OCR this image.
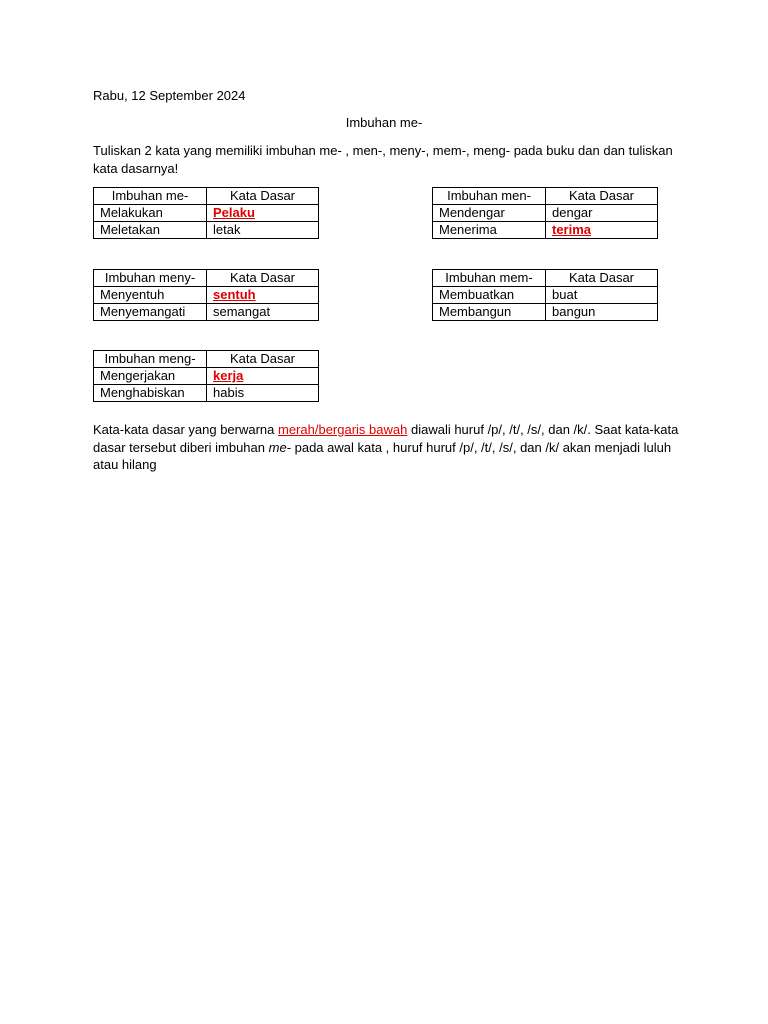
Rabu, 12 September 2024
Imbuhan me-
Tuliskan 2 kata yang memiliki imbuhan me- , men-, meny-, mem-, meng- pada buku dan dan tuliskan kata dasarnya!
Imbuhan me-	Kata Dasar
Melakukan	Pelaku
Meletakan	letak
Imbuhan men-	Kata Dasar
Mendengar	dengar
Menerima	terima
Imbuhan meny-	Kata Dasar
Menyentuh	sentuh
Menyemangati	semangat
Imbuhan mem-	Kata Dasar
Membuatkan	buat
Membangun	bangun
Imbuhan meng-	Kata Dasar
Mengerjakan	kerja
Menghabiskan	habis
Kata-kata dasar yang berwarna merah/bergaris bawah diawali huruf /p/, /t/, /s/, dan /k/. Saat kata-kata dasar tersebut diberi imbuhan me- pada awal kata , huruf huruf /p/, /t/, /s/, dan /k/ akan menjadi luluh atau hilang
